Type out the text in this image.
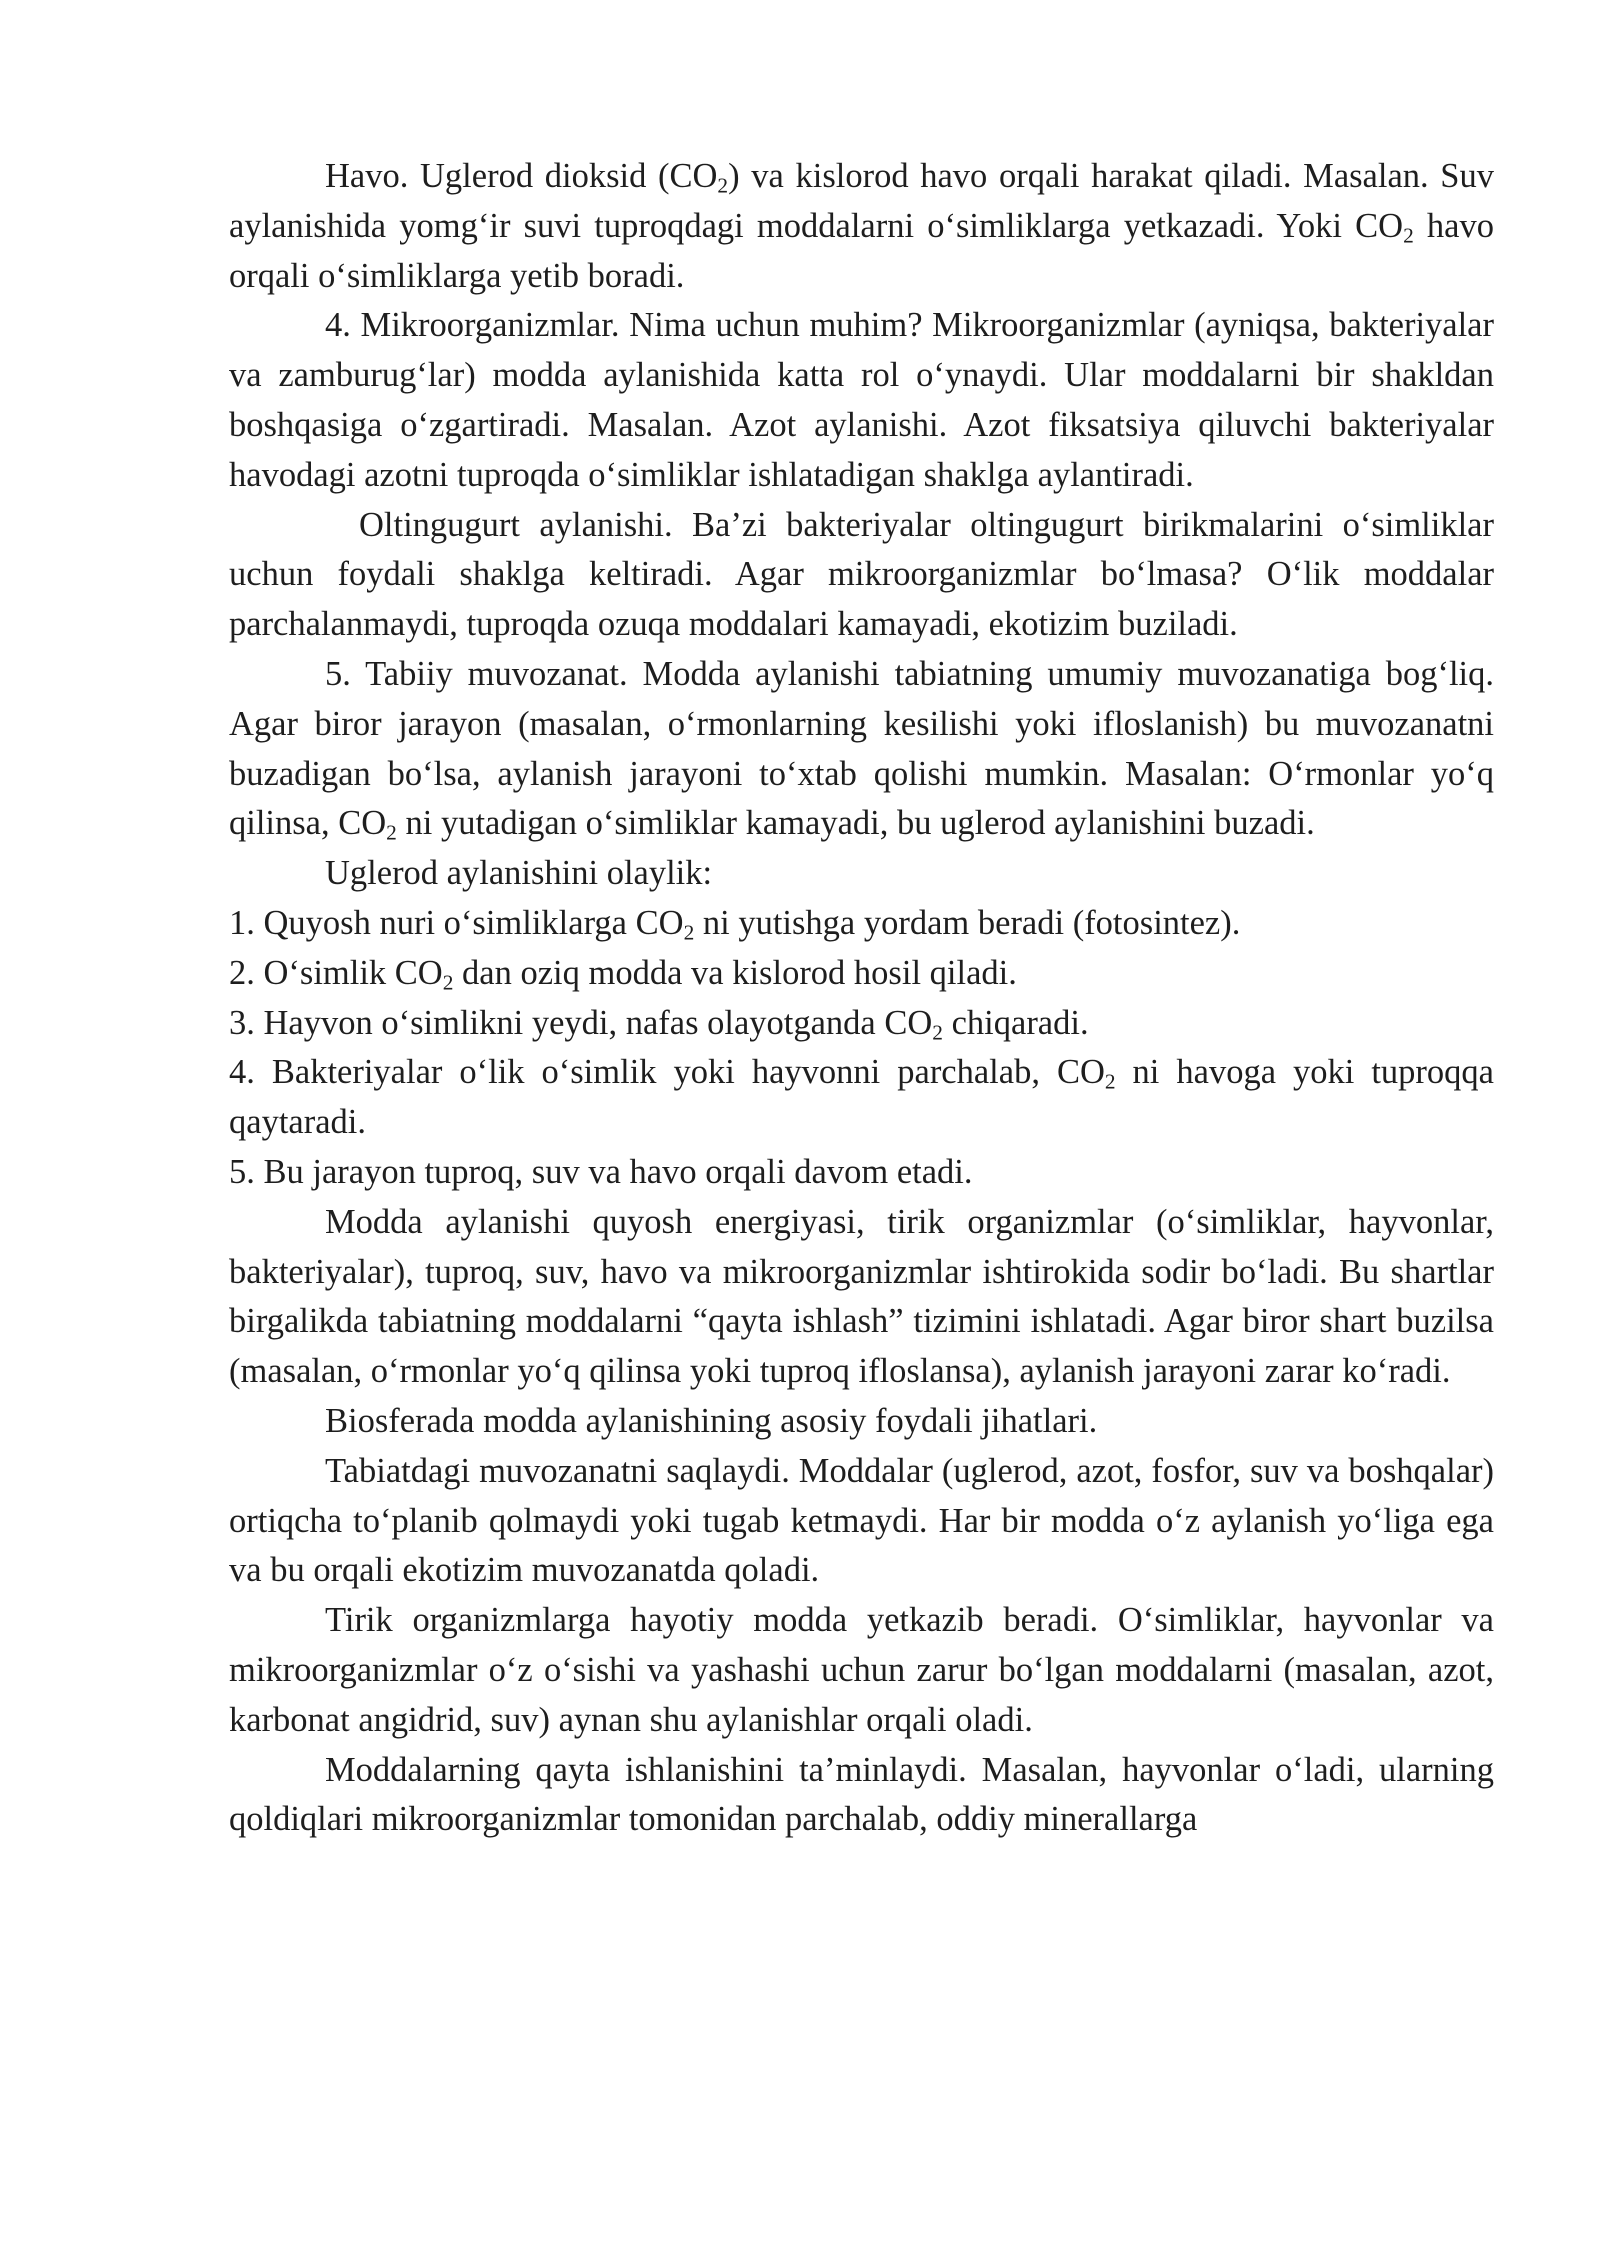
Havo. Uglerod dioksid $(CO_2)$ va kislorod havo orqali harakat qiladi. Masalan. Suv aylanishida yomg‘ir suvi tuproqdagi moddalarni o‘simliklarga yetkazadi. Yoki $CO_2$ havo orqali o‘simliklarga yetib boradi.

4. Mikroorganizmlar. Nima uchun muhim? Mikroorganizmlar (ayniqsa, bakteriyalar va zamburug‘lar) modda aylanishida katta rol o‘ynaydi. Ular moddalarni bir shakldan boshqasiga o‘zgartiradi. Masalan. Azot aylanishi. Azot fiksatsiya qiluvchi bakteriyalar havodagi azotni tuproqda o‘simliklar ishlatadigan shaklga aylantiradi.

Oltingugurt aylanishi. Ba’zi bakteriyalar oltingugurt birikmalarini o‘simliklar uchun foydali shaklga keltiradi. Agar mikroorganizmlar bo‘lmasa? O‘lik moddalar parchalanmaydi, tuproqda ozuqa moddalari kamayadi, ekotizim buziladi.

5. Tabiiy muvozanat. Modda aylanishi tabiatning umumiy muvozanatiga bog‘liq. Agar biror jarayon (masalan, o‘rmonlarning kesilishi yoki ifloslanish) bu muvozanatni buzadigan bo‘lsa, aylanish jarayoni to‘xtab qolishi mumkin. Masalan: O‘rmonlar yo‘q qilinsa, $CO_2$ ni yutadigan o‘simliklar kamayadi, bu uglerod aylanishini buzadi.

Uglerod aylanishini olaylik:

1. Quyosh nuri o‘simliklarga $CO_2$ ni yutishga yordam beradi (fotosintez).

2. O‘simlik $CO_2$ dan oziq modda va kislorod hosil qiladi.

3. Hayvon o‘simlikni yeydi, nafas olayotganda $CO_2$ chiqaradi.

4. Bakteriyalar o‘lik o‘simlik yoki hayvonni parchalab, $CO_2$ ni havoga yoki tuproqqa qaytaradi.

5. Bu jarayon tuproq, suv va havo orqali davom etadi.

Modda aylanishi quyosh energiyasi, tirik organizmlar (o‘simliklar, hayvonlar, bakteriyalar), tuproq, suv, havo va mikroorganizmlar ishtirokida sodir bo‘ladi. Bu shartlar birgalikda tabiatning moddalarni “qayta ishlash” tizimini ishlatadi. Agar biror shart buzilsa (masalan, o‘rmonlar yo‘q qilinsa yoki tuproq ifloslansa), aylanish jarayoni zarar ko‘radi.

Biosferada modda aylanishining asosiy foydali jihatlari.

Tabiatdagi muvozanatni saqlaydi. Moddalar (uglerod, azot, fosfor, suv va boshqalar) ortiqcha to‘planib qolmaydi yoki tugab ketmaydi. Har bir modda o‘z aylanish yo‘liga ega va bu orqali ekotizim muvozanatda qoladi.

Tirik organizmlarga hayotiy modda yetkazib beradi. O‘simliklar, hayvonlar va mikroorganizmlar o‘z o‘sishi va yashashi uchun zarur bo‘lgan moddalarni (masalan, azot, karbonat angidrid, suv) aynan shu aylanishlar orqali oladi.

Moddalarning qayta ishlanishini ta’minlaydi. Masalan, hayvonlar o‘ladi, ularning qoldiqlari mikroorganizmlar tomonidan parchalab, oddiy minerallarga
